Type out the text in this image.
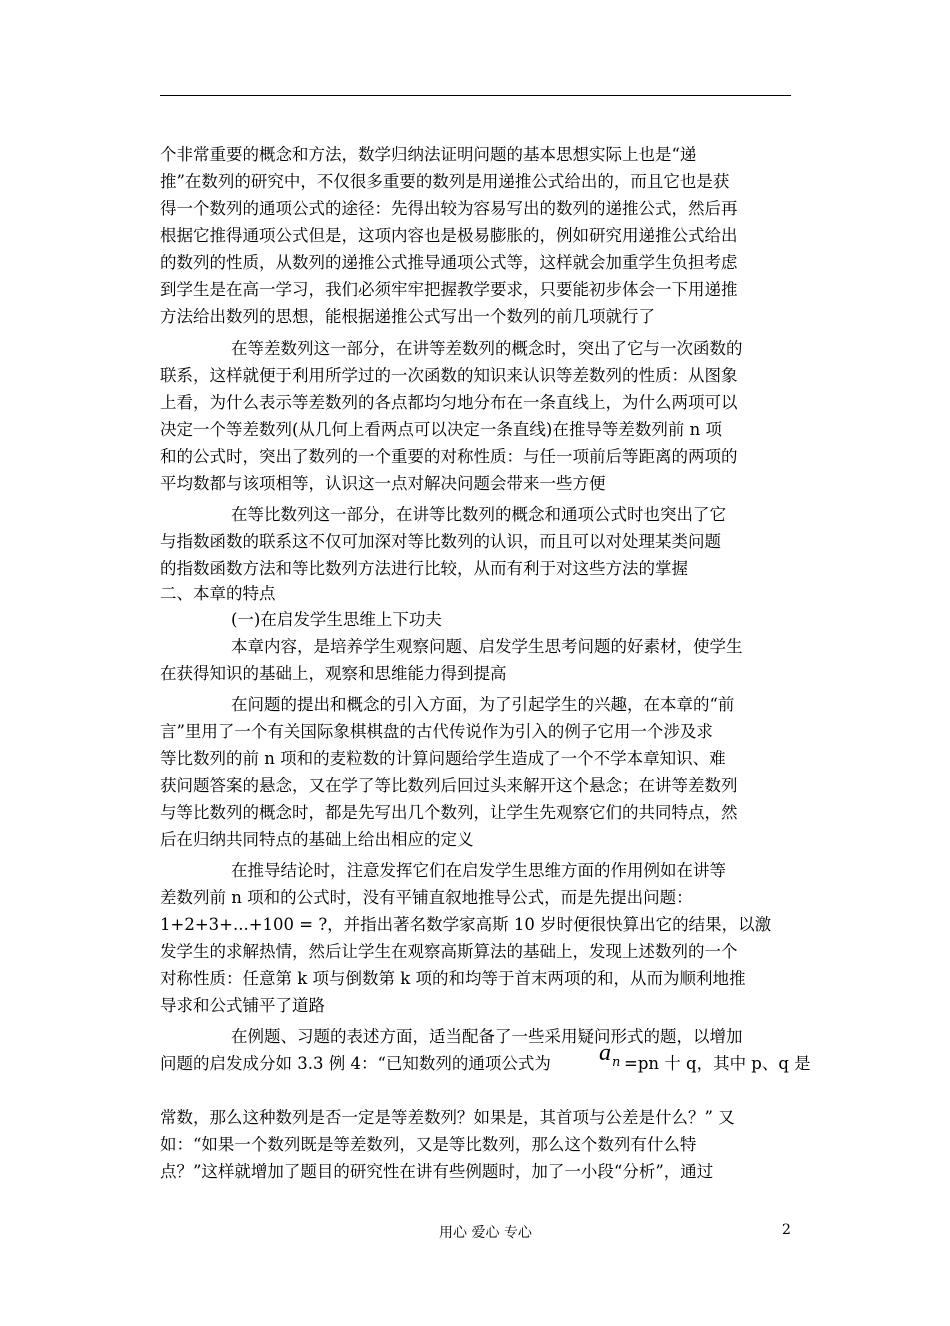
个非常重要的概念和方法，数学归纳法证明问题的基本思想实际上也是“递
推”在数列的研究中，不仅很多重要的数列是用递推公式给出的，而且它也是获
得一个数列的通项公式的途径：先得出较为容易写出的数列的递推公式，然后再
根据它推得通项公式但是，这项内容也是极易膨胀的，例如研究用递推公式给出
的数列的性质，从数列的递推公式推导通项公式等，这样就会加重学生负担考虑
到学生是在高一学习，我们必须牢牢把握教学要求，只要能初步体会一下用递推
方法给出数列的思想，能根据递推公式写出一个数列的前几项就行了
在等差数列这一部分，在讲等差数列的概念时，突出了它与一次函数的
联系，这样就便于利用所学过的一次函数的知识来认识等差数列的性质：从图象
上看，为什么表示等差数列的各点都均匀地分布在一条直线上，为什么两项可以
决定一个等差数列(从几何上看两点可以决定一条直线)在推导等差数列前 n 项
和的公式时，突出了数列的一个重要的对称性质：与任一项前后等距离的两项的
平均数都与该项相等，认识这一点对解决问题会带来一些方便
在等比数列这一部分，在讲等比数列的概念和通项公式时也突出了它
与指数函数的联系这不仅可加深对等比数列的认识，而且可以对处理某类问题
的指数函数方法和等比数列方法进行比较，从而有利于对这些方法的掌握
二、本章的特点
(一)在启发学生思维上下功夫
本章内容，是培养学生观察问题、启发学生思考问题的好素材，使学生
在获得知识的基础上，观察和思维能力得到提高
在问题的提出和概念的引入方面，为了引起学生的兴趣，在本章的“前
言”里用了一个有关国际象棋棋盘的古代传说作为引入的例子它用一个涉及求
等比数列的前 n 项和的麦粒数的计算问题给学生造成了一个不学本章知识、难
获问题答案的悬念，又在学了等比数列后回过头来解开这个悬念；在讲等差数列
与等比数列的概念时，都是先写出几个数列，让学生先观察它们的共同特点，然
后在归纳共同特点的基础上给出相应的定义
在推导结论时，注意发挥它们在启发学生思维方面的作用例如在讲等
差数列前 n 项和的公式时，没有平铺直叙地推导公式，而是先提出问题：
1+2+3+...+100 = ?，并指出著名数学家高斯 10 岁时便很快算出它的结果，以激
发学生的求解热情，然后让学生在观察高斯算法的基础上，发现上述数列的一个
对称性质：任意第 k 项与倒数第 k 项的和均等于首末两项的和，从而为顺利地推
导求和公式铺平了道路
在例题、习题的表述方面，适当配备了一些采用疑问形式的题，以增加
问题的启发成分如 3.3 例 4：“已知数列的通项公式为
常数，那么这种数列是否一定是等差数列？如果是，其首项与公差是什么？” 又
如：“如果一个数列既是等差数列，又是等比数列，那么这个数列有什么特
点？”这样就增加了题目的研究性在讲有些例题时，加了一小段“分析”，通过
$a_n =pn$ 十 q，其中 p、q 是
用心 爱心 专心	2
